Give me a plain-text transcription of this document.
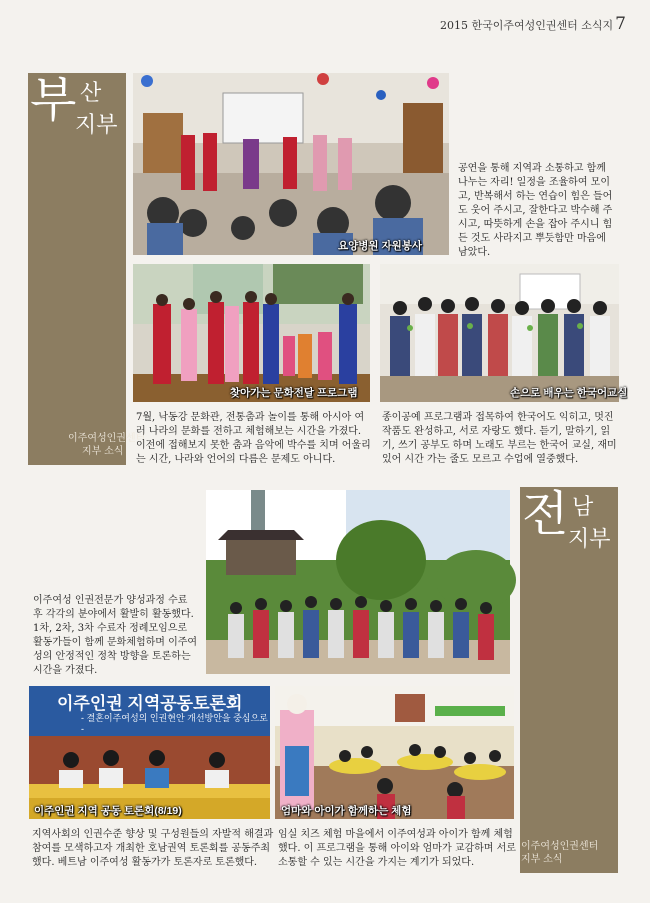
2015 한국이주여성인권센터 소식지 7
부 산
지부
이주여성인권센터
지부 소식
요양병원 자원봉사
공연을 통해 지역과 소통하고 함께 나누는 자리! 일정을 조율하여 모이고, 반복해서 하는 연습이 힘은 들어도 웃어 주시고, 잘한다고 박수해 주시고, 따뜻하게 손을 잡아 주시니 힘든 것도 사라지고 뿌듯함만 마음에 남았다.
찾아가는 문화전달 프로그램	손으로 배우는 한국어교실
7월, 낙동강 문화관, 전통춤과 놀이를 통해 아시아 여러 나라의 문화를 전하고 체험해보는 시간을 가졌다. 이전에 접해보지 못한 춤과 음악에 박수를 치며 어울리는 시간, 나라와 언어의 다름은 문제도 아니다.
종이공예 프로그램과 접목하여 한국어도 익히고, 멋진 작품도 완성하고, 서로 자랑도 했다. 듣기, 말하기, 읽기, 쓰기 공부도 하며 노래도 부르는 한국어 교실, 재미있어 시간 가는 줄도 모르고 수업에 열중했다.
전 남
지부
이주여성인권센터
지부 소식
이주여성 인권전문가 양성과정 수료 후 각각의 분야에서 활발히 활동했다. 1차, 2차, 3차 수료자 정례모임으로 활동가들이 함께 문화체험하며 이주여성의 안정적인 정착 방향을 토론하는 시간을 가졌다.
이주인권 지역공동토론회
- 결혼이주여성의 인권현안 개선방안을 중심으로 -
이주인권 지역 공동 토론회(8/19)	엄마와 아이가 함께하는 체험
지역사회의 인권수준 향상 및 구성원들의 자발적 해결과 참여를 모색하고자 개최한 호남권역 토론회를 공동주최했다. 베트남 이주여성 활동가가 토론자로 토론했다.
임실 치즈 체험 마을에서 이주여성과 아이가 함께 체험했다. 이 프로그램을 통해 아이와 엄마가 교감하며 서로 소통할 수 있는 시간을 가지는 계기가 되었다.
